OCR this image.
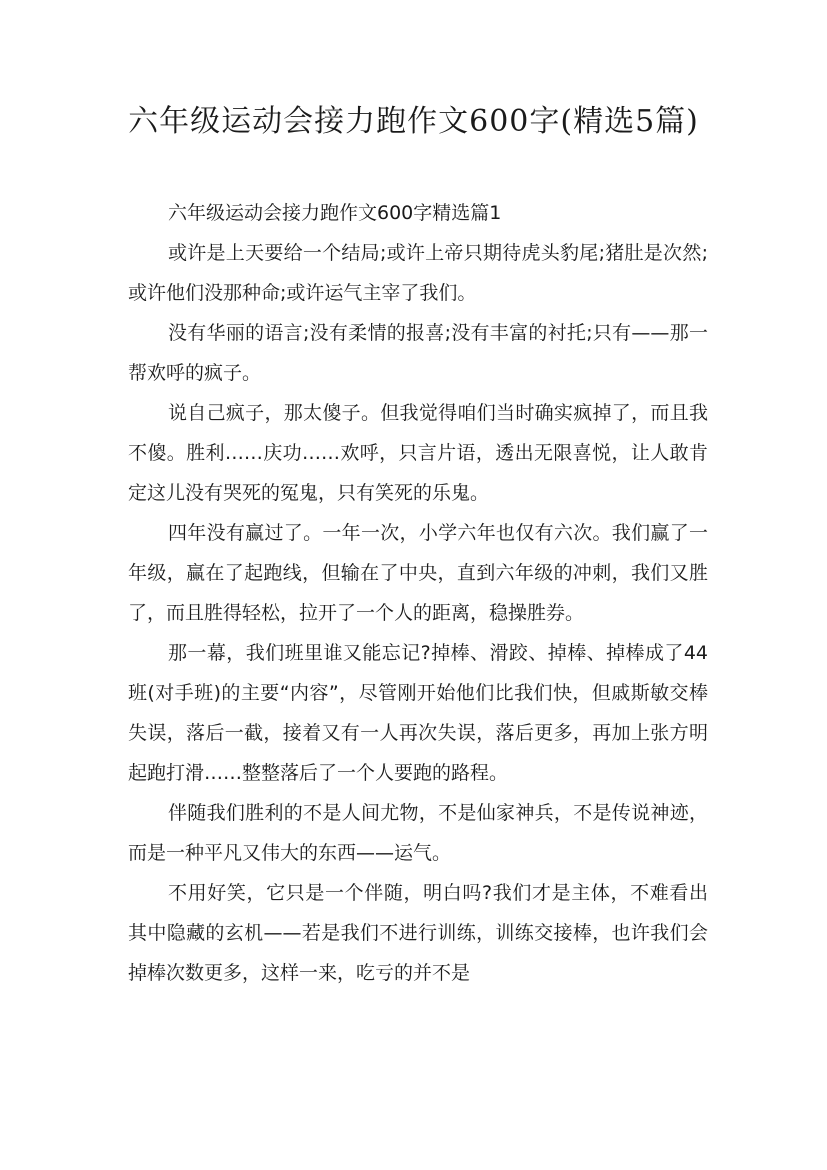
六年级运动会接力跑作文600字(精选5篇)

六年级运动会接力跑作文600字精选篇1

或许是上天要给一个结局;或许上帝只期待虎头豹尾;猪肚是次然;或许他们没那种命;或许运气主宰了我们。

没有华丽的语言;没有柔情的报喜;没有丰富的衬托;只有——那一帮欢呼的疯子。

说自己疯子，那太傻子。但我觉得咱们当时确实疯掉了，而且我不傻。胜利……庆功……欢呼，只言片语，透出无限喜悦，让人敢肯定这儿没有哭死的冤鬼，只有笑死的乐鬼。

四年没有赢过了。一年一次，小学六年也仅有六次。我们赢了一年级，赢在了起跑线，但输在了中央，直到六年级的冲刺，我们又胜了，而且胜得轻松，拉开了一个人的距离，稳操胜券。

那一幕，我们班里谁又能忘记?掉棒、滑跤、掉棒、掉棒成了44班(对手班)的主要“内容”，尽管刚开始他们比我们快，但戚斯敏交棒失误，落后一截，接着又有一人再次失误，落后更多，再加上张方明起跑打滑……整整落后了一个人要跑的路程。

伴随我们胜利的不是人间尤物，不是仙家神兵，不是传说神迹，而是一种平凡又伟大的东西——运气。

不用好笑，它只是一个伴随，明白吗?我们才是主体，不难看出其中隐藏的玄机——若是我们不进行训练，训练交接棒，也许我们会掉棒次数更多，这样一来，吃亏的并不是
